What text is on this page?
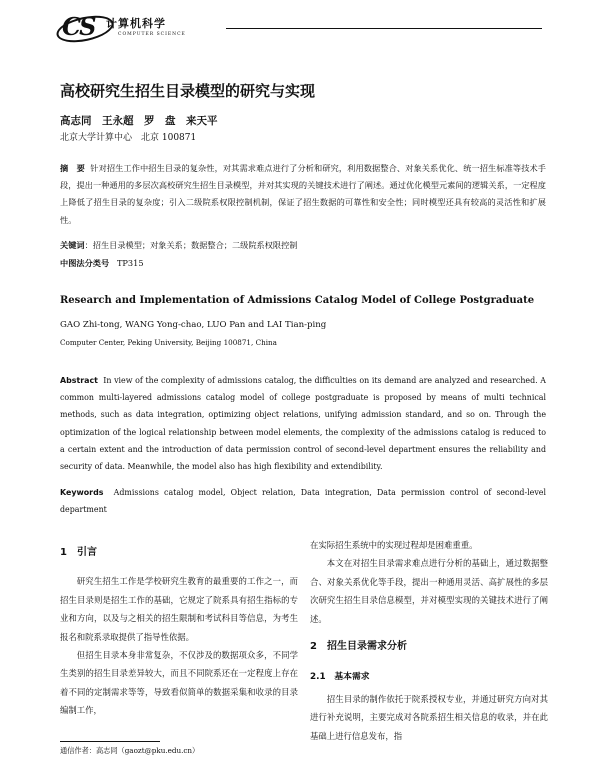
CS 计算机科学
COMPUTER SCIENCE
高校研究生招生目录模型的研究与实现
高志同　王永超　罗　盘　来天平
北京大学计算中心　北京 100871
摘　要 针对招生工作中招生目录的复杂性，对其需求难点进行了分析和研究，利用数据整合、对象关系优化、统一招生标准等技术手段，提出一种通用的多层次高校研究生招生目录模型，并对其实现的关键技术进行了阐述。通过优化模型元素间的逻辑关系，一定程度上降低了招生目录的复杂度；引入二级院系权限控制机制，保证了招生数据的可靠性和安全性；同时模型还具有较高的灵活性和扩展性。
关键词：招生目录模型；对象关系；数据整合；二级院系权限控制
中图法分类号 TP315
Research and Implementation of Admissions Catalog Model of College Postgraduate
GAO Zhi-tong, WANG Yong-chao, LUO Pan and LAI Tian-ping
Computer Center, Peking University, Beijing 100871, China
Abstract In view of the complexity of admissions catalog, the difficulties on its demand are analyzed and researched. A common multi-layered admissions catalog model of college postgraduate is proposed by means of multi technical methods, such as data integration, optimizing object relations, unifying admission standard, and so on. Through the optimization of the logical relationship between model elements, the complexity of the admissions catalog is reduced to a certain extent and the introduction of data permission control of second-level department ensures the reliability and security of data. Meanwhile, the model also has high flexibility and extendibility.
Keywords Admissions catalog model, Object relation, Data integration, Data permission control of second-level department
1　引言

研究生招生工作是学校研究生教育的最重要的工作之一，而招生目录则是招生工作的基础，它规定了院系具有招生指标的专业和方向，以及与之相关的招生限制和考试科目等信息，为考生报名和院系录取提供了指导性依据。

但招生目录本身非常复杂，不仅涉及的数据项众多，不同学生类别的招生目录差异较大，而且不同院系还在一定程度上存在着不同的定制需求等等，导致看似简单的数据采集和收录的目录编制工作，

在实际招生系统中的实现过程却是困难重重。

本文在对招生目录需求难点进行分析的基础上，通过数据整合、对象关系优化等手段，提出一种通用灵活、高扩展性的多层次研究生招生目录信息模型，并对模型实现的关键技术进行了阐述。

2　招生目录需求分析
2.1　基本需求

招生目录的制作依托于院系授权专业，并通过研究方向对其进行补充说明，主要完成对各院系招生相关信息的收录，并在此基础上进行信息发布，指

通信作者：高志同（gaozt@pku.edu.cn）
